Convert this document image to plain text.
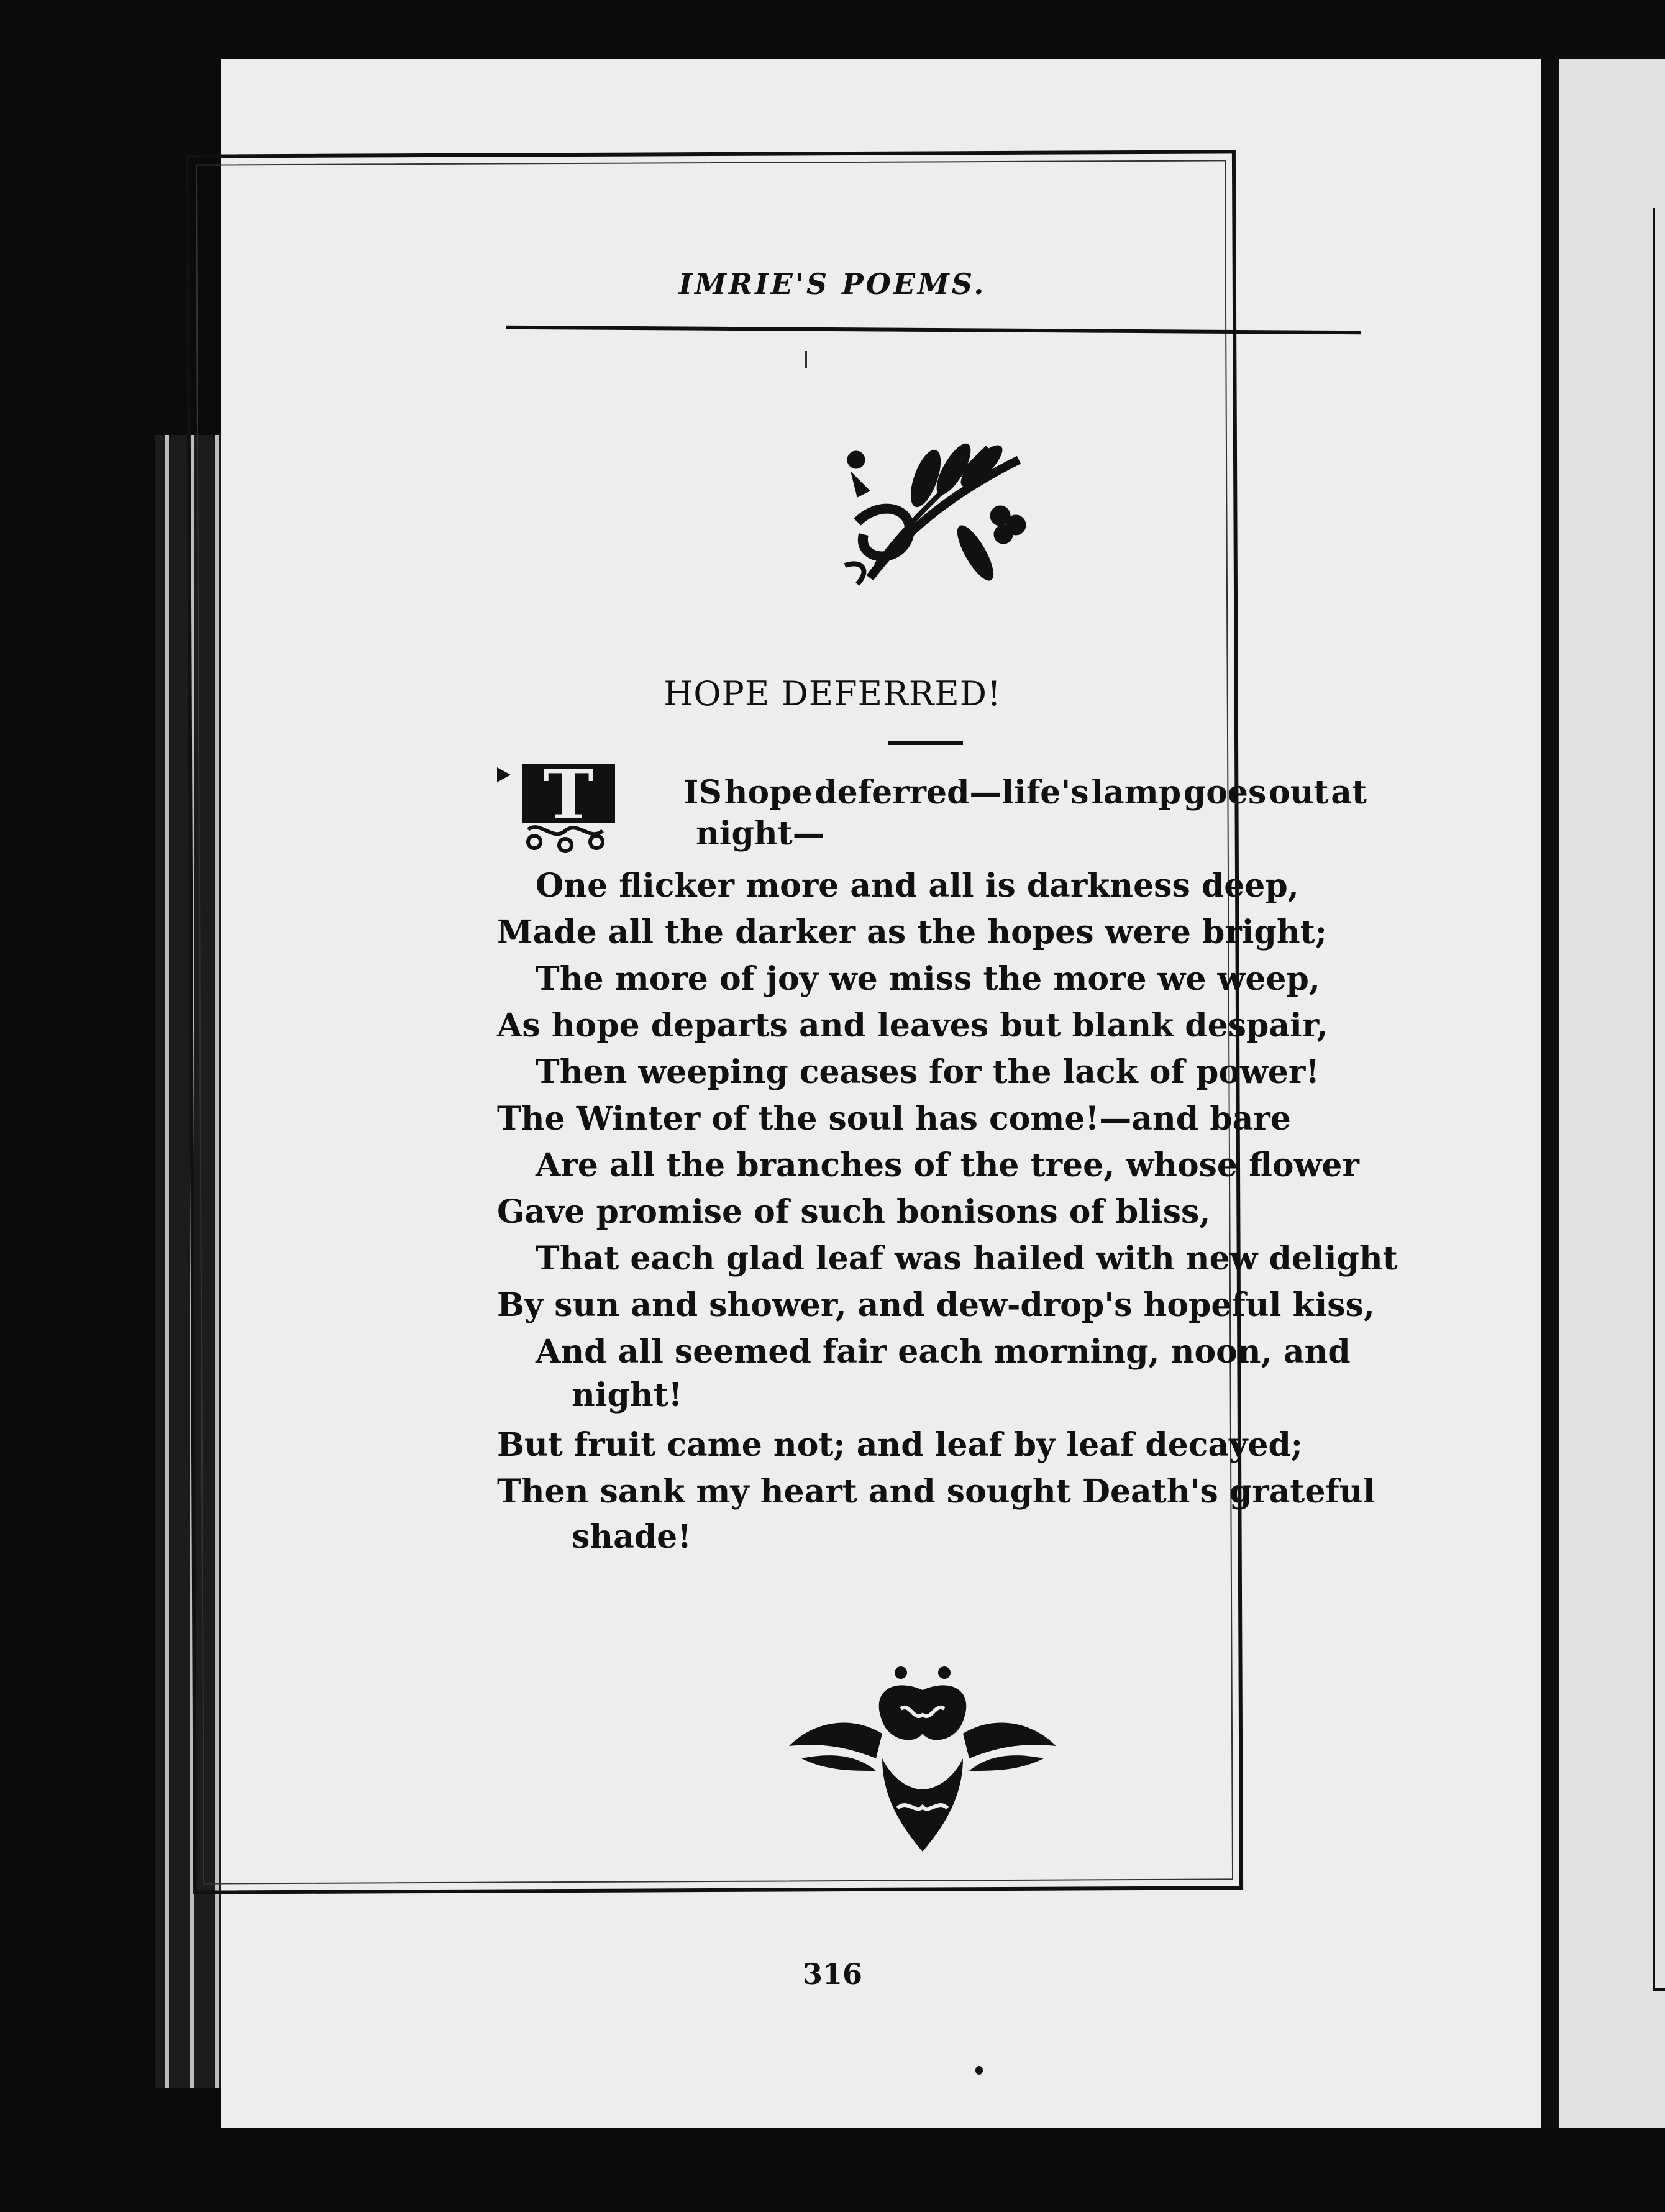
IMRIE'S POEMS.
HOPE DEFERRED!
T	IS hope deferred—life's lamp goes out at
night—
One flicker more and all is darkness deep,
Made all the darker as the hopes were bright;
The more of joy we miss the more we weep,
As hope departs and leaves but blank despair,
Then weeping ceases for the lack of power!
The Winter of the soul has come!—and bare
Are all the branches of the tree, whose flower
Gave promise of such bonisons of bliss,
That each glad leaf was hailed with new delight
By sun and shower, and dew-drop's hopeful kiss,
And all seemed fair each morning, noon, and
night!
But fruit came not; and leaf by leaf decayed;
Then sank my heart and sought Death's grateful
shade!
316
